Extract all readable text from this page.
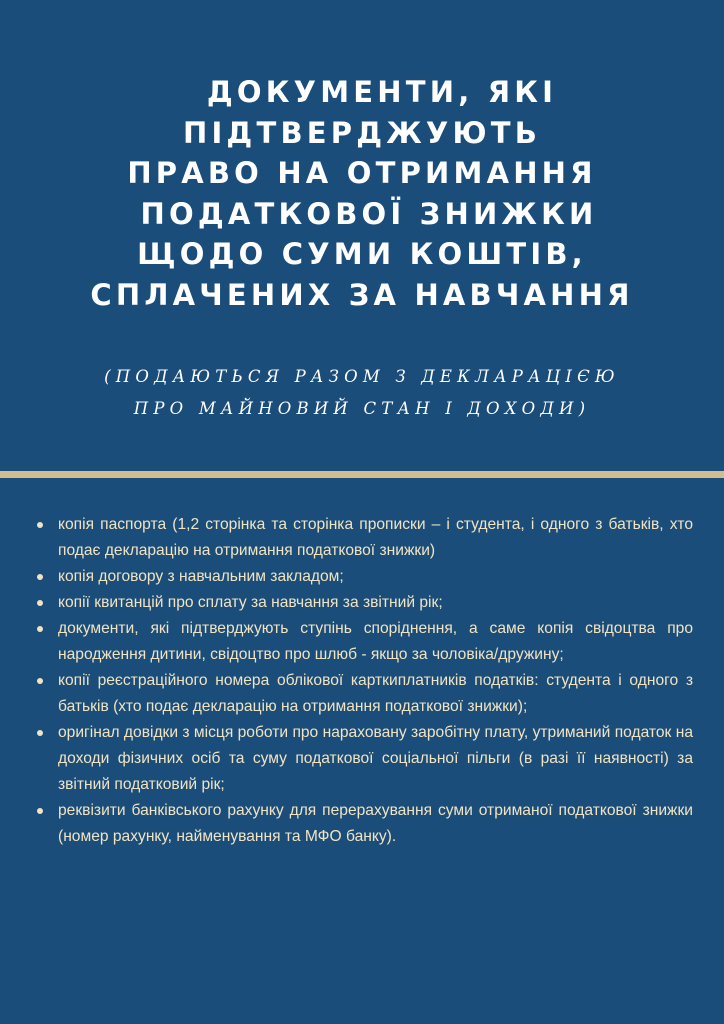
ДОКУМЕНТИ, ЯКІ
ПІДТВЕРДЖУЮТЬ
ПРАВО НА ОТРИМАННЯ
ПОДАТКОВОЇ ЗНИЖКИ
ЩОДО СУМИ КОШТІВ,
СПЛАЧЕНИХ ЗА НАВЧАННЯ

(ПОДАЮТЬСЯ РАЗОМ З ДЕКЛАРАЦІЄЮ
ПРО МАЙНОВИЙ СТАН І ДОХОДИ)

копія паспорта (1,2 сторінка та сторінка прописки – і студента, і одного з батьків, хто подає декларацію на отримання податкової знижки)
копія договору з навчальним закладом;
копії квитанцій про сплату за навчання за звітний рік;
документи, які підтверджують ступінь споріднення, а саме копія свідоцтва про народження дитини, свідоцтво про шлюб - якщо за чоловіка/дружину;
копії реєстраційного номера облікової карткиплатників податків: студента і одного з батьків (хто подає декларацію на отримання податкової знижки);
оригінал довідки з місця роботи про нараховану заробітну плату, утриманий податок на доходи фізичних осіб та суму податкової соціальної пільги (в разі її наявності) за звітний податковий рік;
реквізити банківського рахунку для перерахування суми отриманої податкової знижки (номер рахунку, найменування та МФО банку).
